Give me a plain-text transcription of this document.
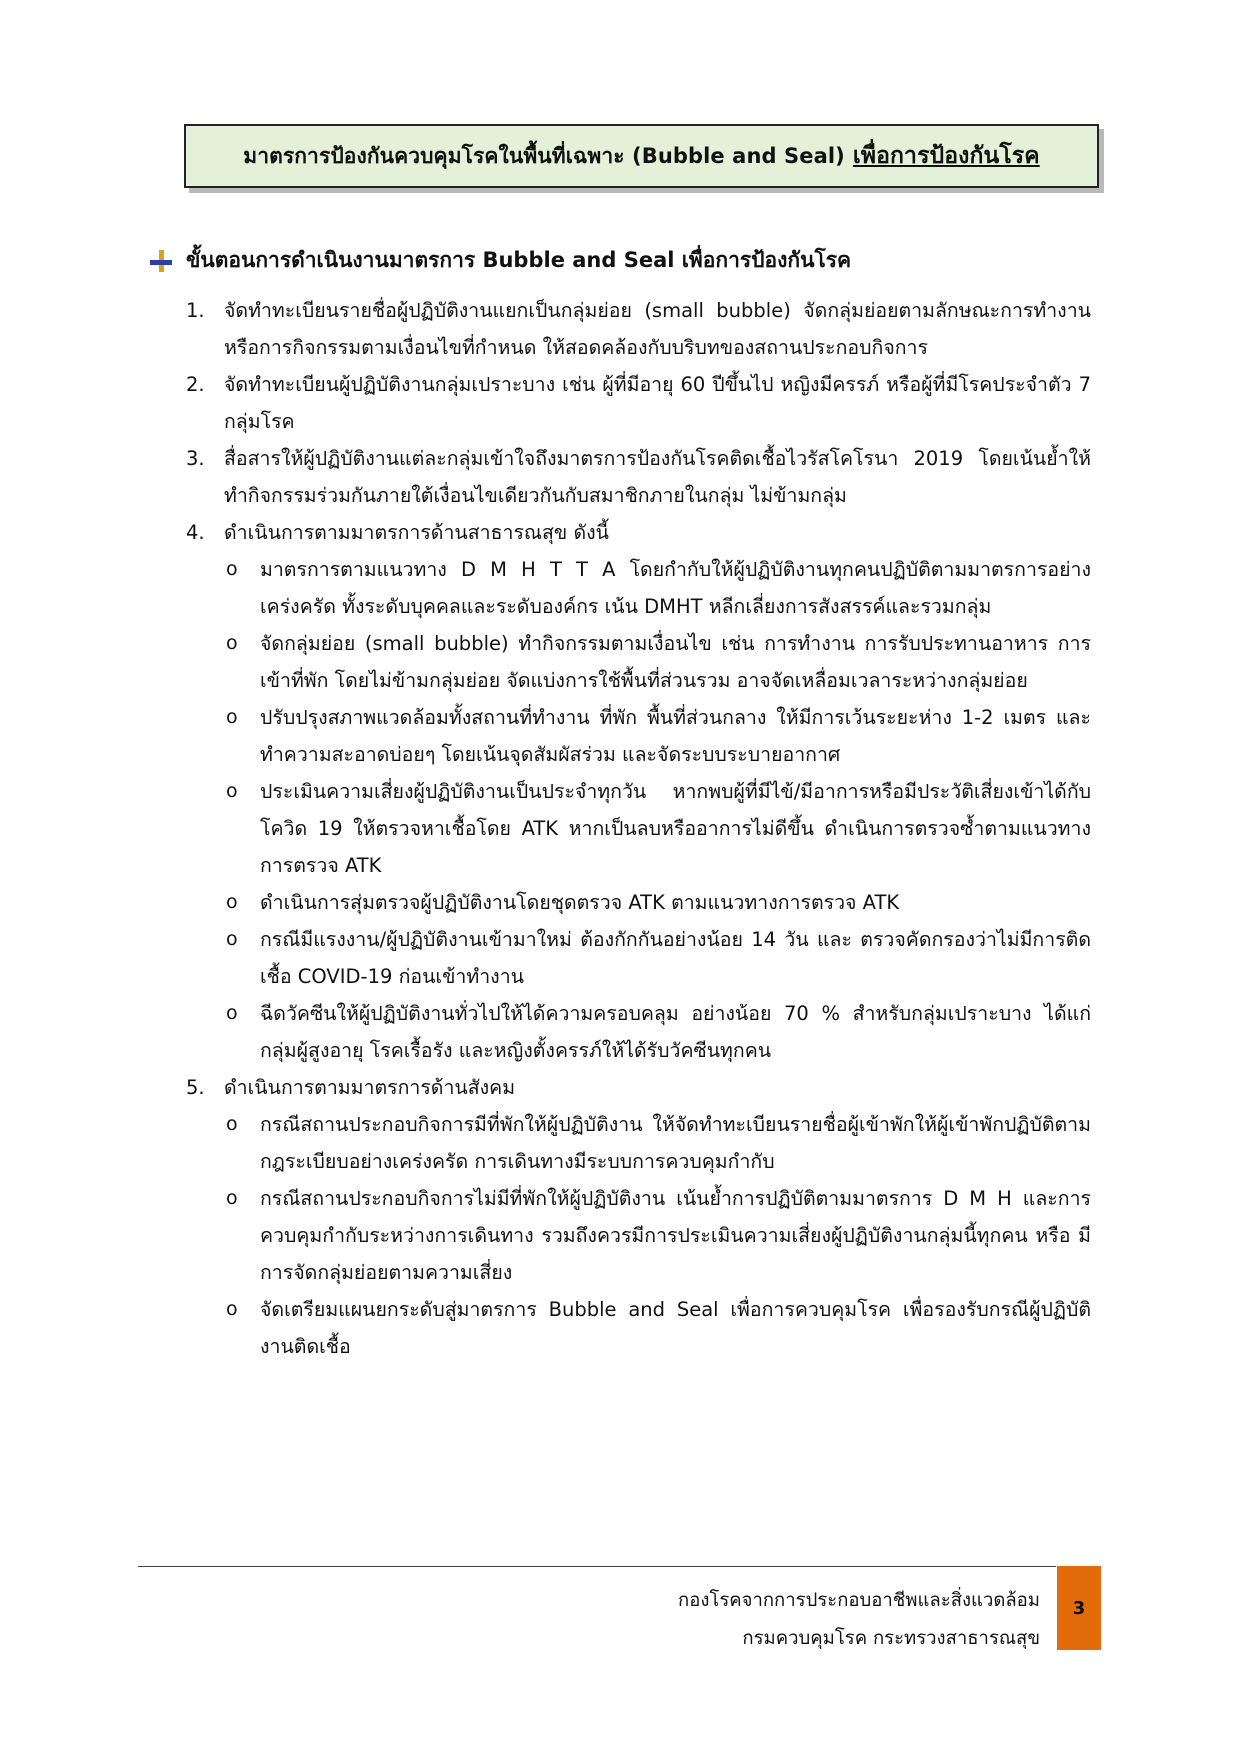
มาตรการป้องกันควบคุมโรคในพื้นที่เฉพาะ (Bubble and Seal) เพื่อการป้องกันโรค
ขั้นตอนการดำเนินงานมาตรการ Bubble and Seal เพื่อการป้องกันโรค
1. จัดทำทะเบียนรายชื่อผู้ปฏิบัติงานแยกเป็นกลุ่มย่อย (small bubble) จัดกลุ่มย่อยตามลักษณะการทำงานหรือการกิจกรรมตามเงื่อนไขที่กำหนด ให้สอดคล้องกับบริบทของสถานประกอบกิจการ
2. จัดทำทะเบียนผู้ปฏิบัติงานกลุ่มเปราะบาง เช่น ผู้ที่มีอายุ 60 ปีขึ้นไป หญิงมีครรภ์ หรือผู้ที่มีโรคประจำตัว 7 กลุ่มโรค
3. สื่อสารให้ผู้ปฏิบัติงานแต่ละกลุ่มเข้าใจถึงมาตรการป้องกันโรคติดเชื้อไวรัสโคโรนา 2019 โดยเน้นย้ำให้ทำกิจกรรมร่วมกันภายใต้เงื่อนไขเดียวกันกับสมาชิกภายในกลุ่ม ไม่ข้ามกลุ่ม
4. ดำเนินการตามมาตรการด้านสาธารณสุข ดังนี้
o	มาตรการตามแนวทาง D M H T T A โดยกำกับให้ผู้ปฏิบัติงานทุกคนปฏิบัติตามมาตรการอย่างเคร่งครัด ทั้งระดับบุคคลและระดับองค์กร เน้น DMHT หลีกเลี่ยงการสังสรรค์และรวมกลุ่ม
o	จัดกลุ่มย่อย (small bubble) ทำกิจกรรมตามเงื่อนไข เช่น การทำงาน การรับประทานอาหาร การเข้าที่พัก โดยไม่ข้ามกลุ่มย่อย จัดแบ่งการใช้พื้นที่ส่วนรวม อาจจัดเหลื่อมเวลาระหว่างกลุ่มย่อย
o	ปรับปรุงสภาพแวดล้อมทั้งสถานที่ทำงาน ที่พัก พื้นที่ส่วนกลาง ให้มีการเว้นระยะห่าง 1-2 เมตร และทำความสะอาดบ่อยๆ โดยเน้นจุดสัมผัสร่วม และจัดระบบระบายอากาศ
o	ประเมินความเสี่ยงผู้ปฏิบัติงานเป็นประจำทุกวัน หากพบผู้ที่มีไข้/มีอาการหรือมีประวัติเสี่ยงเข้าได้กับโควิด 19 ให้ตรวจหาเชื้อโดย ATK หากเป็นลบหรืออาการไม่ดีขึ้น ดำเนินการตรวจซ้ำตามแนวทางการตรวจ ATK
o	ดำเนินการสุ่มตรวจผู้ปฏิบัติงานโดยชุดตรวจ ATK ตามแนวทางการตรวจ ATK
o	กรณีมีแรงงาน/ผู้ปฏิบัติงานเข้ามาใหม่ ต้องกักกันอย่างน้อย 14 วัน และ ตรวจคัดกรองว่าไม่มีการติดเชื้อ COVID-19 ก่อนเข้าทำงาน
o	ฉีดวัคซีนให้ผู้ปฏิบัติงานทั่วไปให้ได้ความครอบคลุม อย่างน้อย 70 % สำหรับกลุ่มเปราะบาง ได้แก่ กลุ่มผู้สูงอายุ โรคเรื้อรัง และหญิงตั้งครรภ์ให้ได้รับวัคซีนทุกคน
5. ดำเนินการตามมาตรการด้านสังคม
o	กรณีสถานประกอบกิจการมีที่พักให้ผู้ปฏิบัติงาน ให้จัดทำทะเบียนรายชื่อผู้เข้าพักให้ผู้เข้าพักปฏิบัติตามกฎระเบียบอย่างเคร่งครัด การเดินทางมีระบบการควบคุมกำกับ
o	กรณีสถานประกอบกิจการไม่มีที่พักให้ผู้ปฏิบัติงาน เน้นย้ำการปฏิบัติตามมาตรการ D M H และการควบคุมกำกับระหว่างการเดินทาง รวมถึงควรมีการประเมินความเสี่ยงผู้ปฏิบัติงานกลุ่มนี้ทุกคน หรือ มีการจัดกลุ่มย่อยตามความเสี่ยง
o	จัดเตรียมแผนยกระดับสู่มาตรการ Bubble and Seal เพื่อการควบคุมโรค เพื่อรองรับกรณีผู้ปฏิบัติงานติดเชื้อ
กองโรคจากการประกอบอาชีพและสิ่งแวดล้อม
กรมควบคุมโรค กระทรวงสาธารณสุข
3
